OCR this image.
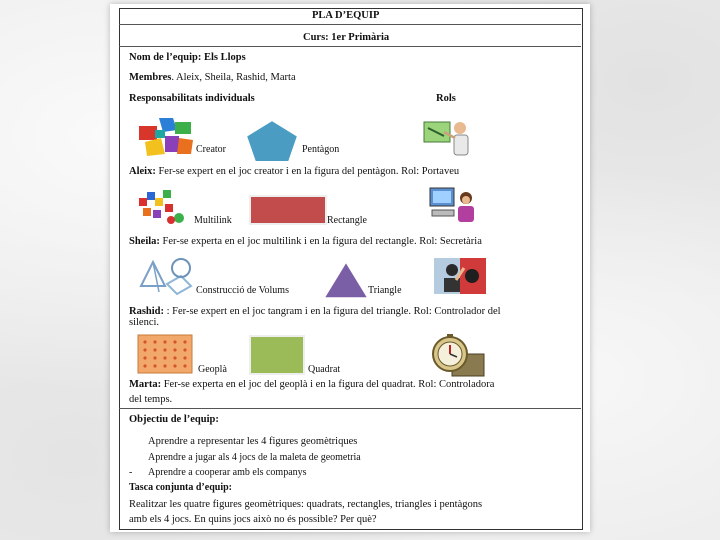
PLA D’EQUIP
Curs: 1er Primària
Nom de l’equip: Els Llops
Membres. Aleix, Sheila, Rashid, Marta
Responsabilitats individuals	Rols
Creator	Pentàgon
Aleix: Fer-se expert en el joc creator i en la figura del pentàgon. Rol: Portaveu
Multilink	Rectangle
Sheila: Fer-se experta en el joc multilink i en la figura del rectangle. Rol: Secretària
Construcció de Volums	Triangle
Rashid: : Fer-se expert en el joc tangram i en la figura del triangle. Rol: Controlador del
silenci.
Geoplà	Quadrat
Marta: Fer-se experta en el joc del geoplà i en la figura del quadrat. Rol: Controladora
del temps.
Objectiu de l’equip:
Aprendre a representar les 4 figures geomètriques
Aprendre a jugar als 4 jocs de la maleta de geometria
- Aprendre a cooperar amb els companys
Tasca conjunta d’equip:
Realitzar les quatre figures geomètriques: quadrats, rectangles, triangles i pentàgons
amb els 4 jocs. En quins jocs això no és possible? Per què?
